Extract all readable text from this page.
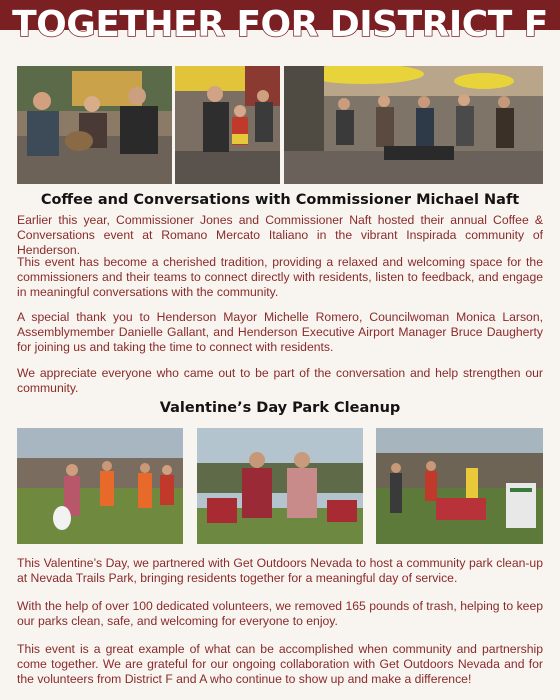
TOGETHER FOR DISTRICT F
Coffee and Conversations with Commissioner Michael Naft

Earlier this year, Commissioner Jones and Commissioner Naft hosted their annual Coffee & Conversations event at Romano Mercato Italiano in the vibrant Inspirada community of Henderson.

This event has become a cherished tradition, providing a relaxed and welcoming space for the commissioners and their teams to connect directly with residents, listen to feedback, and engage in meaningful conversations with the community.

A special thank you to Henderson Mayor Michelle Romero, Councilwoman Monica Larson, Assemblymember Danielle Gallant, and Henderson Executive Airport Manager Bruce Daugherty for joining us and taking the time to connect with residents.

We appreciate everyone who came out to be part of the conversation and help strengthen our community.

Valentine’s Day Park Cleanup

This Valentine’s Day, we partnered with Get Outdoors Nevada to host a community park clean-up at Nevada Trails Park, bringing residents together for a meaningful day of service.

With the help of over 100 dedicated volunteers, we removed 165 pounds of trash, helping to keep our parks clean, safe, and welcoming for everyone to enjoy.

This event is a great example of what can be accomplished when community and partnership come together. We are grateful for our ongoing collaboration with Get Outdoors Nevada and for the volunteers from District F and A who continue to show up and make a difference!
